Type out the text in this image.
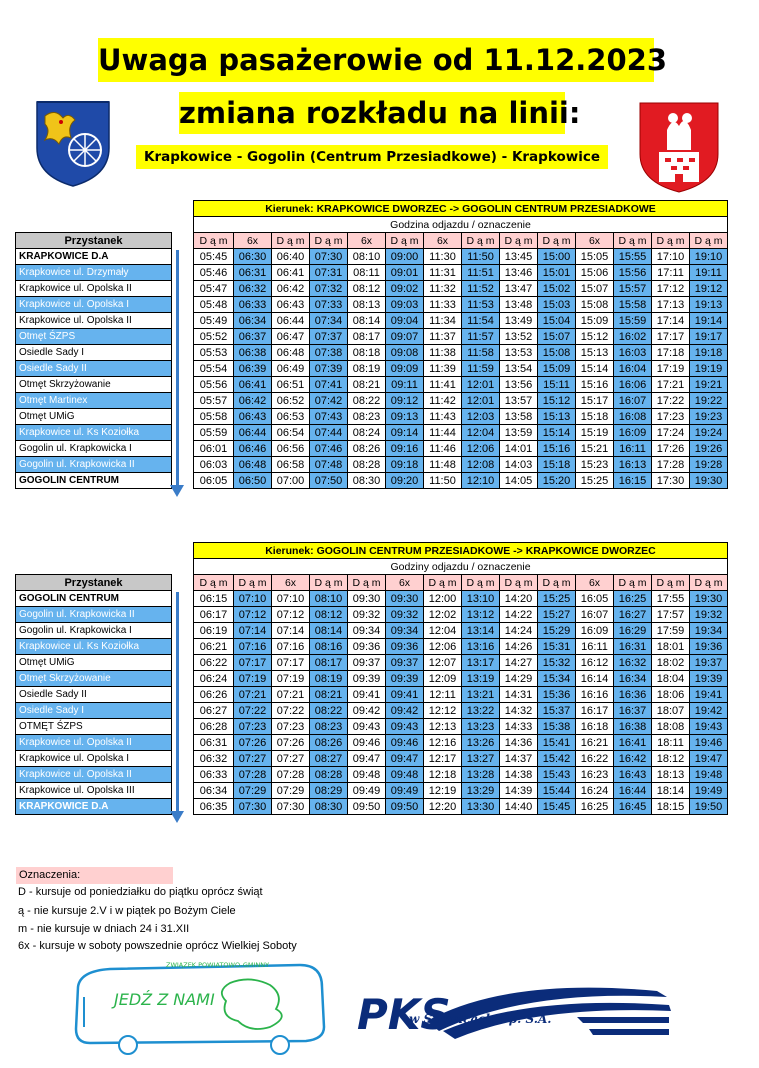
Uwaga pasażerowie od 11.12.2023
zmiana rozkładu na linii:
Krapkowice - Gogolin (Centrum Przesiadkowe) - Krapkowice
		Kierunek: KRAPKOWICE DWORZEC -> GOGOLIN CENTRUM PRZESIADKOWE													
		Godzina odjazdu / oznaczenie													
Przystanek		D ą m	6x	D ą m	D ą m	6x	D ą m	6x	D ą m	D ą m	D ą m	6x	D ą m	D ą m	D ą m
KRAPKOWICE D.A		05:45	06:30	06:40	07:30	08:10	09:00	11:30	11:50	13:45	15:00	15:05	15:55	17:10	19:10
Krapkowice ul. Drzymały		05:46	06:31	06:41	07:31	08:11	09:01	11:31	11:51	13:46	15:01	15:06	15:56	17:11	19:11
Krapkowice ul. Opolska II		05:47	06:32	06:42	07:32	08:12	09:02	11:32	11:52	13:47	15:02	15:07	15:57	17:12	19:12
Krapkowice ul. Opolska I		05:48	06:33	06:43	07:33	08:13	09:03	11:33	11:53	13:48	15:03	15:08	15:58	17:13	19:13
Krapkowice ul. Opolska II		05:49	06:34	06:44	07:34	08:14	09:04	11:34	11:54	13:49	15:04	15:09	15:59	17:14	19:14
Otmęt ŚZPS		05:52	06:37	06:47	07:37	08:17	09:07	11:37	11:57	13:52	15:07	15:12	16:02	17:17	19:17
Osiedle Sady I		05:53	06:38	06:48	07:38	08:18	09:08	11:38	11:58	13:53	15:08	15:13	16:03	17:18	19:18
Osiedle Sady II		05:54	06:39	06:49	07:39	08:19	09:09	11:39	11:59	13:54	15:09	15:14	16:04	17:19	19:19
Otmęt Skrzyżowanie		05:56	06:41	06:51	07:41	08:21	09:11	11:41	12:01	13:56	15:11	15:16	16:06	17:21	19:21
Otmęt Martinex		05:57	06:42	06:52	07:42	08:22	09:12	11:42	12:01	13:57	15:12	15:17	16:07	17:22	19:22
Otmęt UMiG		05:58	06:43	06:53	07:43	08:23	09:13	11:43	12:03	13:58	15:13	15:18	16:08	17:23	19:23
Krapkowice ul. Ks Koziołka		05:59	06:44	06:54	07:44	08:24	09:14	11:44	12:04	13:59	15:14	15:19	16:09	17:24	19:24
Gogolin ul. Krapkowicka I		06:01	06:46	06:56	07:46	08:26	09:16	11:46	12:06	14:01	15:16	15:21	16:11	17:26	19:26
Gogolin ul. Krapkowicka II		06:03	06:48	06:58	07:48	08:28	09:18	11:48	12:08	14:03	15:18	15:23	16:13	17:28	19:28
GOGOLIN CENTRUM		06:05	06:50	07:00	07:50	08:30	09:20	11:50	12:10	14:05	15:20	15:25	16:15	17:30	19:30
		Kierunek: GOGOLIN CENTRUM PRZESIADKOWE -> KRAPKOWICE DWORZEC													
		Godziny odjazdu / oznaczenie													
Przystanek		D ą m	D ą m	6x	D ą m	D ą m	6x	D ą m	D ą m	D ą m	D ą m	6x	D ą m	D ą m	D ą m
GOGOLIN CENTRUM		06:15	07:10	07:10	08:10	09:30	09:30	12:00	13:10	14:20	15:25	16:05	16:25	17:55	19:30
Gogolin ul. Krapkowicka II		06:17	07:12	07:12	08:12	09:32	09:32	12:02	13:12	14:22	15:27	16:07	16:27	17:57	19:32
Gogolin ul. Krapkowicka I		06:19	07:14	07:14	08:14	09:34	09:34	12:04	13:14	14:24	15:29	16:09	16:29	17:59	19:34
Krapkowice ul. Ks Koziołka		06:21	07:16	07:16	08:16	09:36	09:36	12:06	13:16	14:26	15:31	16:11	16:31	18:01	19:36
Otmęt UMiG		06:22	07:17	07:17	08:17	09:37	09:37	12:07	13:17	14:27	15:32	16:12	16:32	18:02	19:37
Otmęt Skrzyżowanie		06:24	07:19	07:19	08:19	09:39	09:39	12:09	13:19	14:29	15:34	16:14	16:34	18:04	19:39
Osiedle Sady II		06:26	07:21	07:21	08:21	09:41	09:41	12:11	13:21	14:31	15:36	16:16	16:36	18:06	19:41
Osiedle Sady I		06:27	07:22	07:22	08:22	09:42	09:42	12:12	13:22	14:32	15:37	16:17	16:37	18:07	19:42
OTMĘT ŚZPS		06:28	07:23	07:23	08:23	09:43	09:43	12:13	13:23	14:33	15:38	16:18	16:38	18:08	19:43
Krapkowice ul. Opolska II		06:31	07:26	07:26	08:26	09:46	09:46	12:16	13:26	14:36	15:41	16:21	16:41	18:11	19:46
Krapkowice ul. Opolska I		06:32	07:27	07:27	08:27	09:47	09:47	12:17	13:27	14:37	15:42	16:22	16:42	18:12	19:47
Krapkowice ul. Opolska II		06:33	07:28	07:28	08:28	09:48	09:48	12:18	13:28	14:38	15:43	16:23	16:43	18:13	19:48
Krapkowice ul. Opolska III		06:34	07:29	07:29	08:29	09:49	09:49	12:19	13:29	14:39	15:44	16:24	16:44	18:14	19:49
KRAPKOWICE D.A		06:35	07:30	07:30	08:30	09:50	09:50	12:20	13:30	14:40	15:45	16:25	16:45	18:15	19:50
Oznaczenia:
D - kursuje od poniedziałku do piątku oprócz świąt
ą - nie kursuje 2.V i w piątek po Bożym Ciele
m - nie kursuje w dniach 24 i 31.XII
6x - kursuje w soboty powszednie oprócz Wielkiej Soboty
JEDŹ Z NAMI
ZWIĄZEK POWIATOWO-GMINNY
PKS
w Strzelcach Op. S.A.
